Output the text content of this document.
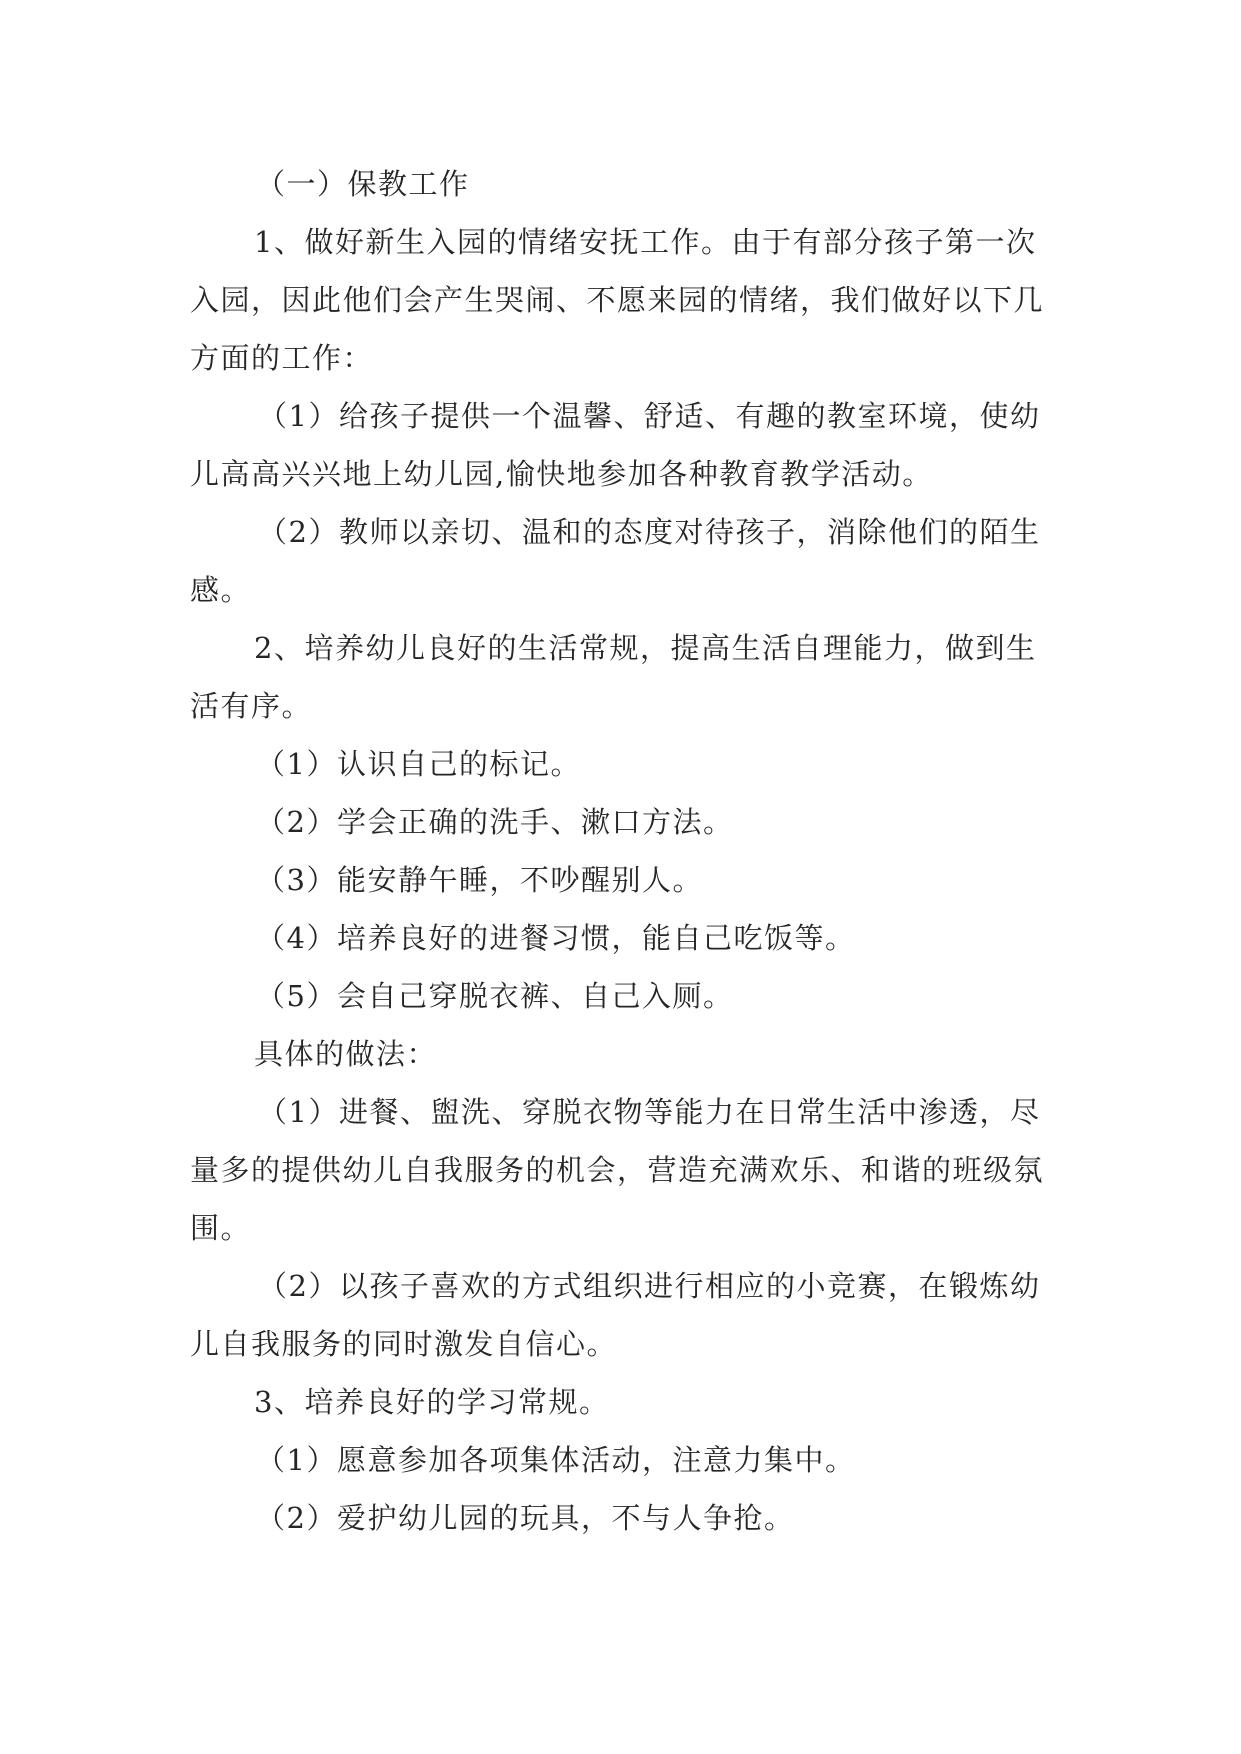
（一）保教工作

1、做好新生入园的情绪安抚工作。由于有部分孩子第一次入园，因此他们会产生哭闹、不愿来园的情绪，我们做好以下几方面的工作：

（1）给孩子提供一个温馨、舒适、有趣的教室环境，使幼儿高高兴兴地上幼儿园,愉快地参加各种教育教学活动。

（2）教师以亲切、温和的态度对待孩子，消除他们的陌生感。

2、培养幼儿良好的生活常规，提高生活自理能力，做到生活有序。

（1）认识自己的标记。

（2）学会正确的洗手、漱口方法。

（3）能安静午睡，不吵醒别人。

（4）培养良好的进餐习惯，能自己吃饭等。

（5）会自己穿脱衣裤、自己入厕。

具体的做法：

（1）进餐、盥洗、穿脱衣物等能力在日常生活中渗透，尽量多的提供幼儿自我服务的机会，营造充满欢乐、和谐的班级氛围。

（2）以孩子喜欢的方式组织进行相应的小竞赛，在锻炼幼儿自我服务的同时激发自信心。

3、培养良好的学习常规。

（1）愿意参加各项集体活动，注意力集中。

（2）爱护幼儿园的玩具，不与人争抢。
